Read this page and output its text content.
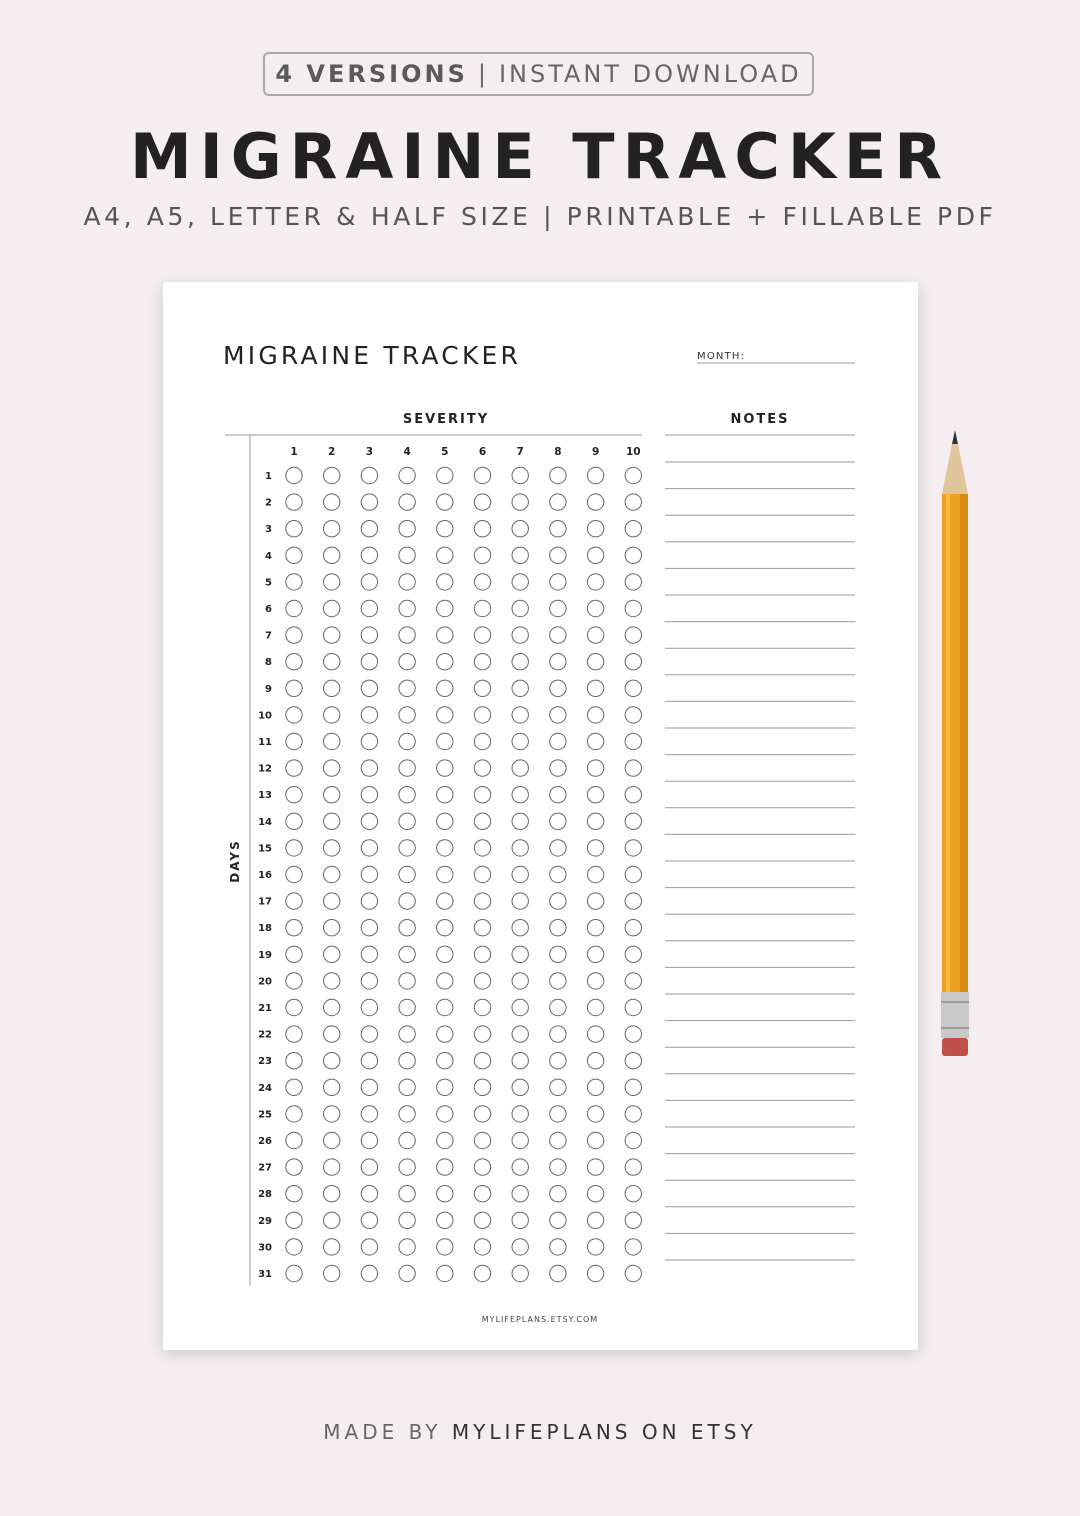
4 VERSIONS | INSTANT DOWNLOAD
MIGRAINE TRACKER
A4, A5, LETTER & HALF SIZE | PRINTABLE + FILLABLE PDF
MIGRAINE TRACKER	MONTH:
SEVERITY	NOTES
DAYS
1	2	3	4	5	6	7	8	9	10
1
2
3
4
5
6
7
8
9
10
11
12
13
14
15
16
17
18
19
20
21
22
23
24
25
26
27
28
29
30
31
MYLIFEPLANS.ETSY.COM
MADE BY MYLIFEPLANS ON ETSY
